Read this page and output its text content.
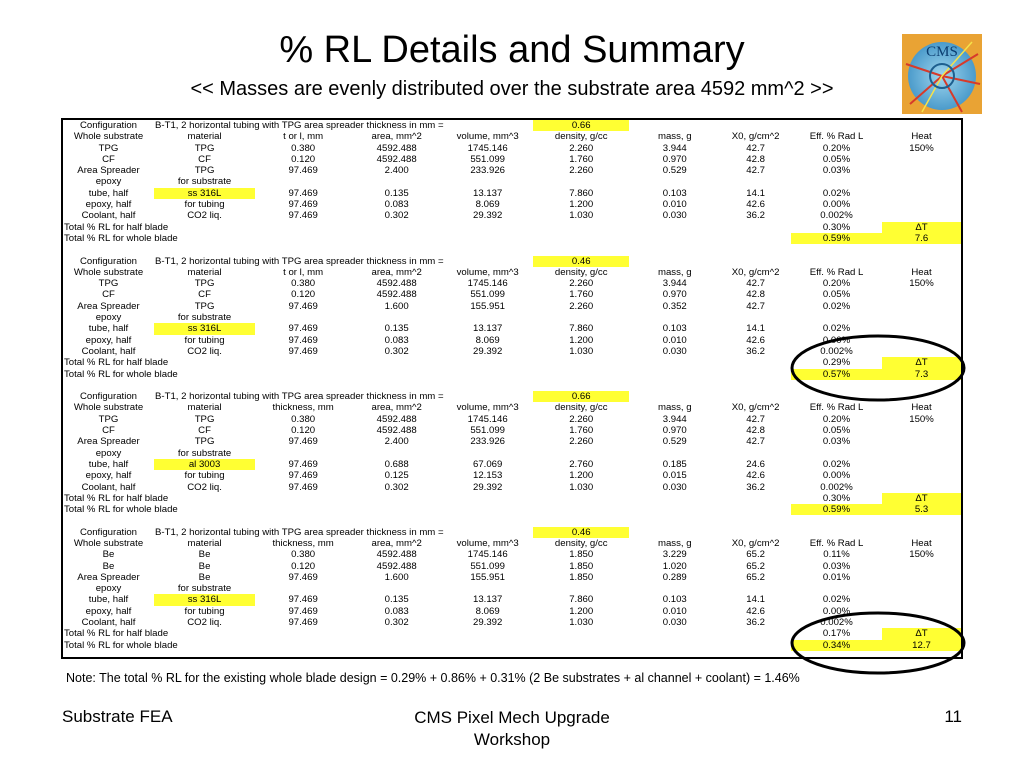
% RL Details and Summary
<< Masses are evenly distributed over the substrate area 4592 mm^2 >>
CMS
Configuration	B-T1, 2 horizontal tubing with TPG area spreader thickness in mm =				0.66				
Whole substrate	material	t or l, mm	area, mm^2	volume, mm^3	density, g/cc	mass, g	X0, g/cm^2	Eff. % Rad L	Heat
TPG	TPG	0.380	4592.488	1745.146	2.260	3.944	42.7	0.20%	150%
CF	CF	0.120	4592.488	551.099	1.760	0.970	42.8	0.05%	
Area Spreader	TPG	97.469	2.400	233.926	2.260	0.529	42.7	0.03%	
epoxy	for substrate								
tube, half	ss 316L	97.469	0.135	13.137	7.860	0.103	14.1	0.02%	
epoxy, half	for tubing	97.469	0.083	8.069	1.200	0.010	42.6	0.00%	
Coolant, half	CO2 liq.	97.469	0.302	29.392	1.030	0.030	36.2	0.002%	
Total % RL for half blade								0.30%	ΔT
Total % RL for whole blade								0.59%	7.6

Configuration	B-T1, 2 horizontal tubing with TPG area spreader thickness in mm =				0.46				
Whole substrate	material	t or l, mm	area, mm^2	volume, mm^3	density, g/cc	mass, g	X0, g/cm^2	Eff. % Rad L	Heat
TPG	TPG	0.380	4592.488	1745.146	2.260	3.944	42.7	0.20%	150%
CF	CF	0.120	4592.488	551.099	1.760	0.970	42.8	0.05%	
Area Spreader	TPG	97.469	1.600	155.951	2.260	0.352	42.7	0.02%	
epoxy	for substrate								
tube, half	ss 316L	97.469	0.135	13.137	7.860	0.103	14.1	0.02%	
epoxy, half	for tubing	97.469	0.083	8.069	1.200	0.010	42.6	0.00%	
Coolant, half	CO2 liq.	97.469	0.302	29.392	1.030	0.030	36.2	0.002%	
Total % RL for half blade								0.29%	ΔT
Total % RL for whole blade								0.57%	7.3

Configuration	B-T1, 2 horizontal tubing with TPG area spreader thickness in mm =				0.66				
Whole substrate	material	thickness, mm	area, mm^2	volume, mm^3	density, g/cc	mass, g	X0, g/cm^2	Eff. % Rad L	Heat
TPG	TPG	0.380	4592.488	1745.146	2.260	3.944	42.7	0.20%	150%
CF	CF	0.120	4592.488	551.099	1.760	0.970	42.8	0.05%	
Area Spreader	TPG	97.469	2.400	233.926	2.260	0.529	42.7	0.03%	
epoxy	for substrate								
tube, half	al 3003	97.469	0.688	67.069	2.760	0.185	24.6	0.02%	
epoxy, half	for tubing	97.469	0.125	12.153	1.200	0.015	42.6	0.00%	
Coolant, half	CO2 liq.	97.469	0.302	29.392	1.030	0.030	36.2	0.002%	
Total % RL for half blade								0.30%	ΔT
Total % RL for whole blade								0.59%	5.3

Configuration	B-T1, 2 horizontal tubing with TPG area spreader thickness in mm =				0.46				
Whole substrate	material	thickness, mm	area, mm^2	volume, mm^3	density, g/cc	mass, g	X0, g/cm^2	Eff. % Rad L	Heat
Be	Be	0.380	4592.488	1745.146	1.850	3.229	65.2	0.11%	150%
Be	Be	0.120	4592.488	551.099	1.850	1.020	65.2	0.03%	
Area Spreader	Be	97.469	1.600	155.951	1.850	0.289	65.2	0.01%	
epoxy	for substrate								
tube, half	ss 316L	97.469	0.135	13.137	7.860	0.103	14.1	0.02%	
epoxy, half	for tubing	97.469	0.083	8.069	1.200	0.010	42.6	0.00%	
Coolant, half	CO2 liq.	97.469	0.302	29.392	1.030	0.030	36.2	0.002%	
Total % RL for half blade								0.17%	ΔT
Total % RL for whole blade								0.34%	12.7
Note: The total % RL for the existing whole blade design = 0.29% + 0.86% + 0.31% (2 Be substrates + al channel + coolant) = 1.46%
Substrate FEA	CMS Pixel Mech Upgrade
Workshop
11
